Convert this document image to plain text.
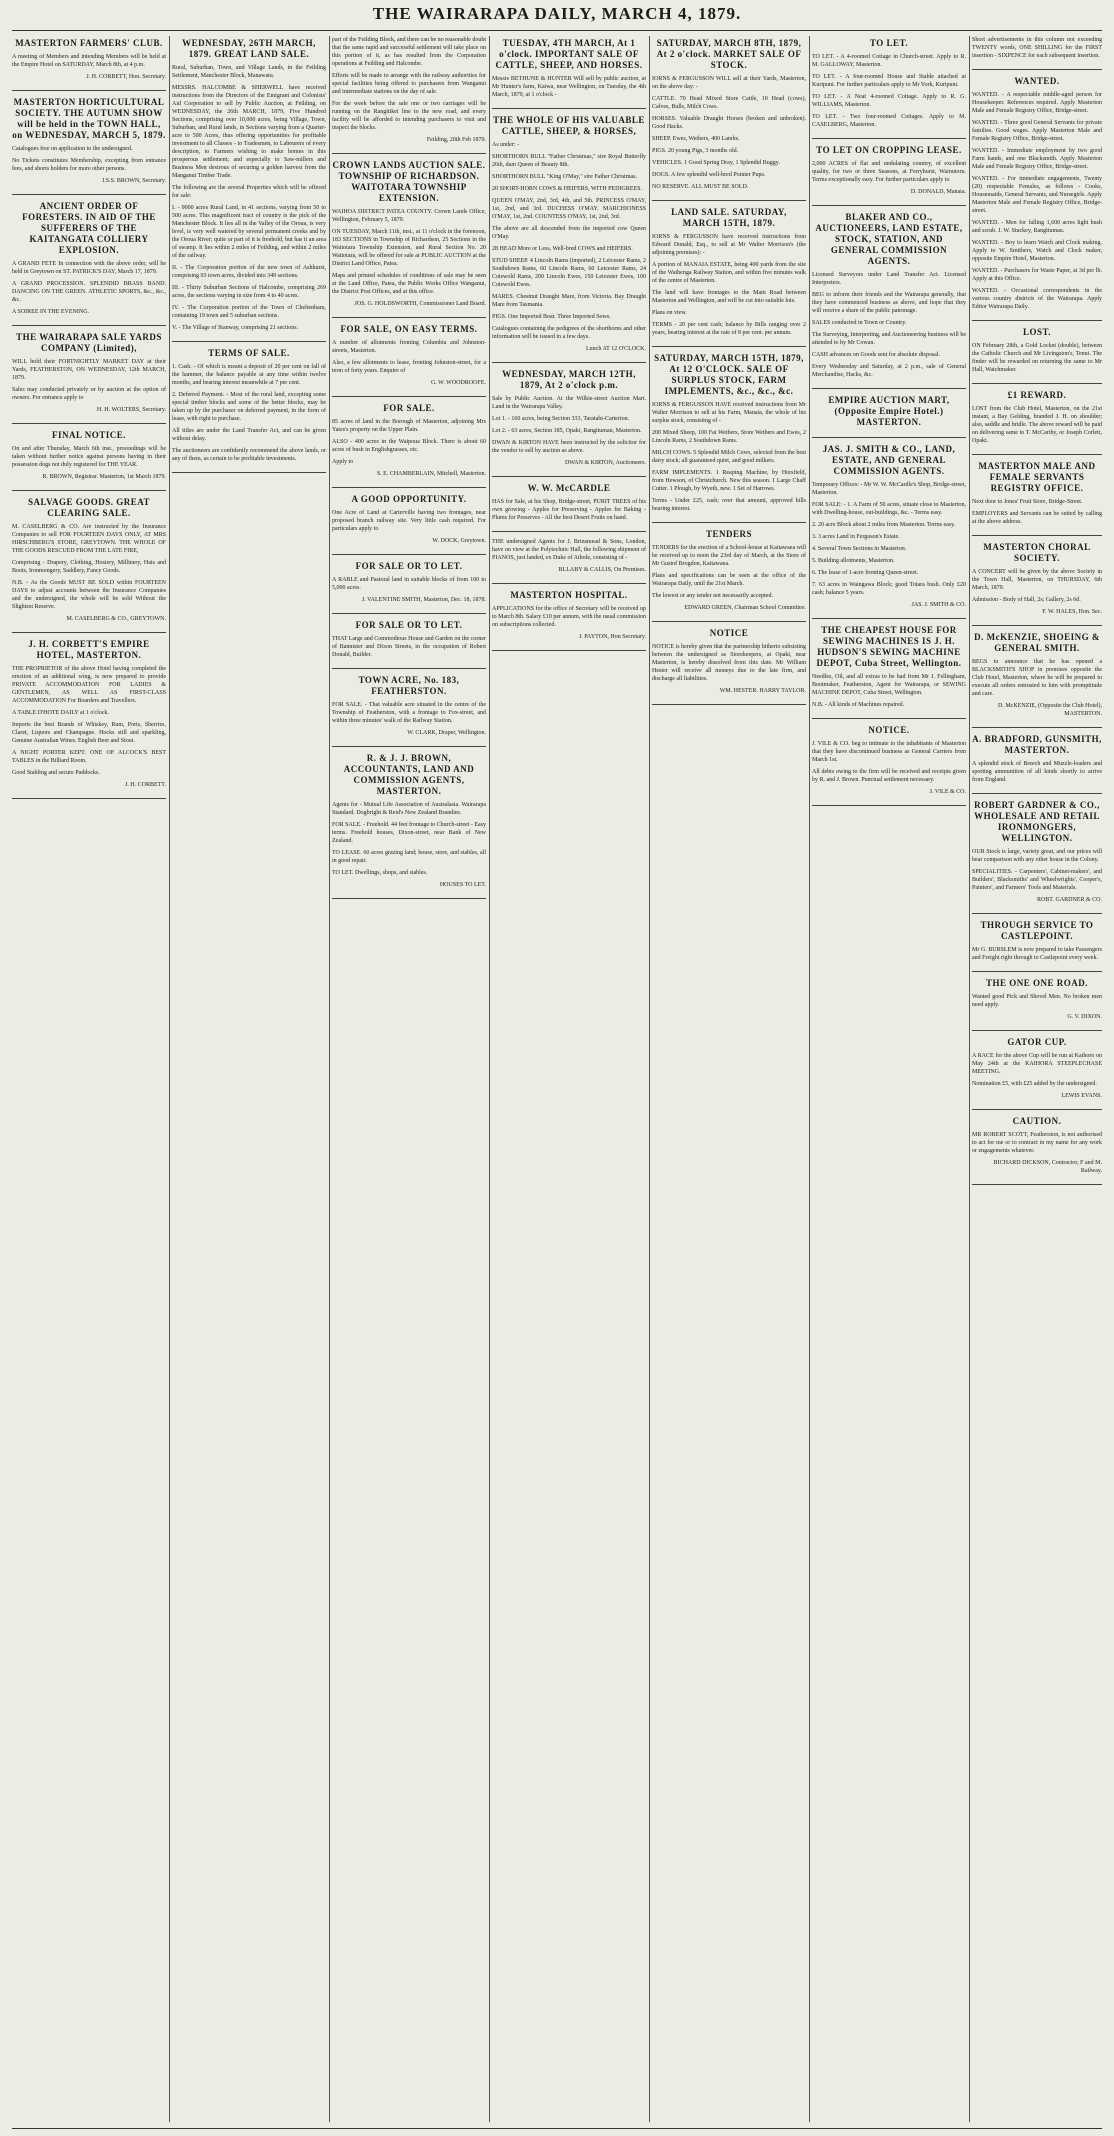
THE WAIRARAPA DAILY, MARCH 4, 1879.
MASTERTON FARMERS' CLUB.

A meeting of Members and intending Members will be held at the Empire Hotel on SATURDAY, March 8th, at 4 p.m.

J. H. CORBETT, Hon. Secretary.

MASTERTON HORTICULTURAL SOCIETY. THE AUTUMN SHOW will be held in the TOWN HALL, on WEDNESDAY, MARCH 5, 1879.

Catalogues free on application to the undersigned.

No Tickets constitutes Membership, excepting from entrance fees, and shorts holders for more other persons.

J.S.S. BROWN, Secretary.

ANCIENT ORDER OF FORESTERS. IN AID OF THE SUFFERERS OF THE KAITANGATA COLLIERY EXPLOSION.

A GRAND FETE In connection with the above order, will be held in Greytown on ST. PATRICK'S DAY, March 17, 1879.

A GRAND PROCESSION. SPLENDID BRASS BAND. DANCING ON THE GREEN. ATHLETIC SPORTS, &c., &c., &c.

A SOIREE IN THE EVENING.

THE WAIRARAPA SALE YARDS COMPANY (Limited),

WILL hold their FORTNIGHTLY MARKET DAY at their Yards, FEATHERSTON, ON WEDNESDAY, 12th MARCH, 1879.

Sales may conducted privately or by auction at the option of owners. For entrance apply to

H. H. WOLTERS, Secretary.

FINAL NOTICE.

On and after Thursday, March 6th inst., proceedings will be taken without further notice against persons having in their possession dogs not duly registered for THE YEAR.

R. BROWN, Registrar. Masterton, 1st March 1879.

SALVAGE GOODS. GREAT CLEARING SALE.

M. CASELBERG & CO. Are instructed by the Insurance Companies to sell FOR FOURTEEN DAYS ONLY, AT MRS HIRSCHBERG'S STORE, GREYTOWN. THE WHOLE OF THE GOODS RESCUED FROM THE LATE FIRE,

Comprising - Drapery, Clothing, Hosiery, Millinery, Hats and Boots, Ironmongery, Saddlery, Fancy Goods.

N.B. - As the Goods MUST BE SOLD within FOURTEEN DAYS to adjust accounts between the Insurance Companies and the undersigned, the whole will be sold Without the Slightest Reserve.

M. CASELBERG & CO., GREYTOWN.

J. H. CORBETT'S EMPIRE HOTEL, MASTERTON.

THE PROPRIETOR of the above Hotel having completed the erection of an additional wing, is now prepared to provide PRIVATE ACCOMMODATION FOR LADIES & GENTLEMEN, AS WELL AS FIRST-CLASS ACCOMMODATION For Boarders and Travellers.

A TABLE D'HOTE DAILY at 1 o'clock.

Imports the best Brands of Whiskey, Rum, Ports, Sherries, Claret, Liquors and Champagne. Hocks still and sparkling, Genuine Australian Wines. English Beer and Stout.

A NIGHT PORTER KEPT. ONE OF ALCOCK'S BEST TABLES in the Billiard Room.

Good Stabling and secure Paddocks.

J. H. CORBETT.

WEDNESDAY, 26TH MARCH, 1879. GREAT LAND SALE.

Rural, Suburban, Town, and Village Lands, in the Feilding Settlement, Manchester Block, Manawatu.

MESSRS. HALCOMBE & SHERWELL have received instructions from the Directors of the Emigrant and Colonists' Aid Corporation to sell by Public Auction, at Feilding, on WEDNESDAY, the 26th MARCH, 1879, Five Hundred Sections, comprising over 10,000 acres, being Village, Town, Suburban, and Rural lands, in Sections varying from a Quarter-acre to 500 Acres, thus offering opportunities for profitable investment to all Classes - to Tradesmen, to Labourers of every description, to Farmers wishing to make homes in this prosperous settlement; and especially to Saw-millers and Business Men desirous of securing a golden harvest from the Manganui Timber Trade.

The following are the several Properties which will be offered for sale:

I. - 9000 acres Rural Land, in 41 sections, varying from 50 to 500 acres. This magnificent tract of country is the pick of the Manchester Block. It lies all in the Valley of the Oroua, is very level, is very well watered by several permanent creeks and by the Oroua River; quite or part of it is freehold, but has it an area of swamp. It lies within 2 miles of Feilding, and within 2 miles of the railway.

II. - The Corporation portion of the new town of Ashhurst, comprising 93 town acres, divided into 349 sections.

III. - Thirty Suburban Sections of Halcombe, comprising 269 acres, the sections varying in size from 4 to 40 acres.

IV. - The Corporation portion of the Town of Cheltenham, containing 19 town and 5 suburban sections.

V. - The Village of Stanway, comprising 21 sections.

TERMS OF SALE.

1. Cash. - Of which is meant a deposit of 20 per cent on fall of the hammer, the balance payable at any time within twelve months, and bearing interest meanwhile at 7 per cent.

2. Deferred Payment. - Most of the rural land, excepting some special timber blocks and some of the better blocks, may be taken up by the purchaser on deferred payment, in the form of lease, with right to purchase.

All titles are under the Land Transfer Act, and can be given without delay.

The auctioneers are confidently recommend the above lands, or any of them, as certain to be profitable investments.

part of the Feilding Block, and there can be no reasonable doubt that the same rapid and successful settlement will take place on this portion of it, as has resulted from the Corporation operations at Feilding and Halcombe.

Efforts will be made to arrange with the railway authorities for special facilities being offered to purchasers from Wanganui and intermediate stations on the day of sale.

For the week before the sale one or two carriages will be running on the Rangitikei line to the new road, and every facility will be afforded to intending purchasers to visit and inspect the blocks.

Feilding, 20th Feb 1879.

CROWN LANDS AUCTION SALE. TOWNSHIP OF RICHARDSON. WAITOTARA TOWNSHIP EXTENSION.

WAIHOA DISTRICT PATEA COUNTY. Crown Lands Office, Wellington, February 5, 1879.

ON TUESDAY, March 11th, inst., at 11 o'clock in the forenoon, 183 SECTIONS in Township of Richardson, 25 Sections in the Waitotara Township Extension, and Rural Section No. 20 Waitotara, will be offered for sale at PUBLIC AUCTION at the District Land Office, Patea.

Maps and printed schedules of conditions of sale may be seen at the Land Office, Patea, the Public Works Office Wanganui, the District Post Offices, and at this office.

JOS. G. HOLDSWORTH, Commissioner Land Board.

FOR SALE, ON EASY TERMS.

A number of allotments fronting Columbia and Johnston-streets, Masterton.

Also, a few allotments to lease, fronting Johnston-street, for a term of forty years. Enquire of

G. W. WOODROOFE.

FOR SALE.

85 acres of land in the Borough of Masterton, adjoining Mrs Yates's property on the Upper Plain.

ALSO - 400 acres in the Waipoua Block. There is about 60 acres of bush in Englishgrasses, etc.

Apply to

S. E. CHAMBERLAIN, Mitchell, Masterton.

A GOOD OPPORTUNITY.

One Acre of Land at Carterville having two frontages, near proposed branch railway site. Very little cash required. For particulars apply to

W. DOCK, Greytown.

FOR SALE OR TO LET.

A RABLE and Pastoral land in suitable blocks of from 100 to 5,000 acres.

J. VALENTINE SMITH, Masterton, Dec. 18, 1878.

FOR SALE OR TO LET.

THAT Large and Commodious House and Garden on the corner of Bannister and Dixon Streets, in the occupation of Robert Donald, Builder.

TOWN ACRE, No. 183, FEATHERSTON.

FOR SALE. - That valuable acre situated in the centre of the Township of Featherston, with a frontage to Fox-street, and within three minutes' walk of the Railway Station.

W. CLARK, Draper, Wellington.

R. & J. J. BROWN, ACCOUNTANTS, LAND AND COMMISSION AGENTS, MASTERTON.

Agents for - Mutual Life Association of Australasia. Wairarapa Standard. Dogbright & Reid's New Zealand Brandies.

FOR SALE. - Freehold. 44 feet frontage to Church-street - Easy terms. Freehold houses, Dixon-street, near Bank of New Zealand.

TO LEASE. 60 acres grazing land; house, store, and stables, all in good repair.

TO LET. Dwellings, shops, and stables.

HOUSES TO LET.

TUESDAY, 4TH MARCH, At 1 o'clock. IMPORTANT SALE OF CATTLE, SHEEP, AND HORSES.

Messrs BETHUNE & HUNTER Will sell by public auction, at Mr Hunter's farm, Kaiwa, near Wellington, on Tuesday, the 4th March, 1879, at 1 o'clock -

THE WHOLE OF HIS VALUABLE CATTLE, SHEEP, & HORSES,

As under: -

SHORTHORN BULL "Father Christmas," sire Royal Butterfly 26th, dam Queen of Beauty 8th.

SHORTHORN BULL "King O'May," sire Father Christmas.

20 SHORT-HORN COWS & HEIFERS, WITH PEDIGREES.

QUEEN O'MAY, 2nd, 3rd, 4th, and 5th. PRINCESS O'MAY, 1st, 2nd, and 3rd. DUCHESS O'MAY. MARCHIONESS O'MAY, 1st, 2nd. COUNTESS O'MAY, 1st, 2nd, 3rd.

The above are all descended from the imported cow Queen O'May.

28 HEAD More or Less, Well-bred COWS and HEIFERS.

STUD SHEEP. 4 Lincoln Rams (imported), 2 Leicester Rams, 2 Southdown Rams, 60 Lincoln Rams, 60 Leicester Rams, 24 Cotswold Rams, 200 Lincoln Ewes, 150 Leicester Ewes, 100 Cotswold Ewes.

MARES. Chestnut Draught Mare, from Victoria. Bay Draught Mare from Tasmania.

PIGS. One Imported Boar. Three Imported Sows.

Catalogues containing the pedigrees of the shorthorns and other information will be issued in a few days.

Lunch AT 12 O'CLOCK.

WEDNESDAY, MARCH 12TH, 1879, At 2 o'clock p.m.

Sale by Public Auction. At the Wilkie-street Auction Mart. Land in the Wairarapa Valley.

Lot 1. - 160 acres, being Section 333, Taratahi-Carterton.

Lot 2. - 63 acres, Section 185, Opaki, Rangitumau, Masterton.

DWAN & KIRTON HAVE been instructed by the solicitor for the vendor to sell by auction as above.

DWAN & KIRTON, Auctioneers.

W. W. McCARDLE

HAS for Sale, at his Shop, Bridge-street, PURIT TREES of his own growing - Apples for Preserving - Apples for Baking - Plums for Preserves - All the best Desert Fruits on hand.

THE undersigned Agents for J. Brinsmead & Sons, London, have on view at the Polytechnic Hall, the following shipment of PIANOS, just landed, ex Duke of Athole, consisting of -

BLLABY & CALLIS, On Premises.

MASTERTON HOSPITAL.

APPLICATIONS for the office of Secretary will be received up to March 8th. Salary £10 per annum, with the usual commission on subscriptions collected.

J. PAYTON, Hon Secretary.

SATURDAY, MARCH 8TH, 1879, At 2 o'clock. MARKET SALE OF STOCK.

IORNS & FERGUSSON WILL sell at their Yards, Masterton, on the above day: -

CATTLE. 70 Head Mixed Store Cattle, 10 Head (cows), Calves, Bulls, Milch Cows.

HORSES. Valuable Draught Horses (broken and unbroken). Good Hacks.

SHEEP. Ewes, Wethers, 400 Lambs.

PIGS. 20 young Pigs, 3 months old.

VEHICLES. 1 Good Spring Dray, 1 Splendid Buggy.

DOGS. A few splendid well-bred Pointer Pups.

NO RESERVE. ALL MUST BE SOLD.

LAND SALE. SATURDAY, MARCH 15TH, 1879.

IORNS & FERGUSSON have received instructions from Edward Donald, Esq., to sell at Mr Walter Morrison's (the adjoining premises): -

A portion of MANAIA ESTATE, being 400 yards from the site of the Waihenga Railway Station, and within five minutes walk of the centre of Masterton.

The land will have frontages to the Main Road between Masterton and Wellington, and will be cut into suitable lots.

Plans on view.

TERMS - 20 per cent cash; balance by Bills ranging over 2 years, bearing interest at the rate of 8 per cent. per annum.

SATURDAY, MARCH 15TH, 1879, At 12 O'CLOCK. SALE OF SURPLUS STOCK, FARM IMPLEMENTS, &c., &c., &c.

IORNS & FERGUSSON HAVE received instructions from Mr Walter Morrison to sell at his Farm, Manaia, the whole of his surplus stock, consisting of -

200 Mixed Sheep, 100 Fat Wethers, Store Wethers and Ewes, 2 Lincoln Rams, 2 Southdown Rams.

MILCH COWS. 5 Splendid Milch Cows, selected from the best dairy stock; all guaranteed quiet, and good milkers.

FARM IMPLEMENTS. 1 Reaping Machine, by Horsfield, from Hewson, of Christchurch. New this season. 1 Large Chaff Cutter. 1 Plough, by Wyeth, new. 1 Set of Harrows.

Terms - Under £25, cash; over that amount, approved bills bearing interest.

TENDERS

TENDERS for the erection of a School-house at Kaitawaea will be received up to noon the 23rd day of March, at the Store of Mr Gustof Brogdon, Kaitawaea.

Plans and specifications can be seen at the office of the Wairarapa Daily, until the 21st March.

The lowest or any tender not necessarily accepted.

EDWARD GREEN, Chairman School Committee.

NOTICE

NOTICE is hereby given that the partnership hitherto subsisting between the undersigned as Storekeepers, at Opaki, near Masterton, is hereby dissolved from this date. Mr William Hester will receive all moneys due to the late firm, and discharge all liabilities.

WM. HESTER. HARRY TAYLOR.

TO LET.

TO LET. - A 4-roomed Cottage in Church-street. Apply to R. M. GALLOWAY, Masterton.

TO LET. - A four-roomed House and Stable attached at Kuripuni. For further particulars apply to Mr York, Kuripuni.

TO LET. - A Neat 4-roomed Cottage. Apply to R. G. WILLIAMS, Masterton.

TO LET. - Two four-roomed Cottages. Apply to M. CASELBERG, Masterton.

TO LET ON CROPPING LEASE.

2,000 ACRES of flat and undulating country, of excellent quality, for two or three Seasons, at Ferryhurst, Wainuioru. Terms exceptionally easy. For further particulars apply to

D. DONALD, Manaia.

BLAKER AND CO., AUCTIONEERS, LAND ESTATE, STOCK, STATION, AND GENERAL COMMISSION AGENTS.

Licensed Surveyors under Land Transfer Act. Licensed Interpreters.

BEG to inform their friends and the Wairarapa generally, that they have commenced business as above, and hope that they will receive a share of the public patronage.

SALES conducted in Town or Country.

The Surveying, Interpreting, and Auctioneering business will be attended to by Mr Cowan.

CASH advances on Goods sent for absolute disposal.

Every Wednesday and Saturday, at 2 p.m., sale of General Merchandise, Hacks, &c.

EMPIRE AUCTION MART, (Opposite Empire Hotel.) MASTERTON.
JAS. J. SMITH & CO., LAND, ESTATE, AND GENERAL COMMISSION AGENTS.

Temporary Offices: - Mr W. W. McCardle's Shop, Bridge-street, Masterton.

FOR SALE: - 1. A Farm of 50 acres, situate close to Masterton, with Dwelling-house, out-buildings, &c. - Terms easy.

2. 20 acre Block about 2 miles from Masterton. Terms easy.

3. 3 acres Land in Ferguson's Estate.

4. Several Town Sections in Masterton.

5. Building allotments, Masterton.

6. The lease of 1-acre fronting Queen-street.

7. 63 acres in Waingawa Block; good Totara bush. Only £20 cash; balance 5 years.

JAS. J. SMITH & CO.

THE CHEAPEST HOUSE FOR SEWING MACHINES IS J. H. HUDSON'S SEWING MACHINE DEPOT, Cuba Street, Wellington.

Needles, Oil, and all extras to be had from Mr J. Fellingham, Bootmaker, Featherston, Agent for Wairarapa, or SEWING MACHINE DEPOT, Cuba Street, Wellington.

N.B. - All kinds of Machines repaired.

NOTICE.

J. VILE & CO. beg to intimate to the inhabitants of Masterton that they have discontinued business as General Carriers from March 1st.

All debts owing to the firm will be received and receipts given by R. and J. Brown. Punctual settlement necessary.

J. VILE & CO.

Short advertisements in this column not exceeding TWENTY words, ONE SHILLING for the FIRST insertion - SIXPENCE for each subsequent insertion.

WANTED.

WANTED. - A respectable middle-aged person for Housekeeper. References required. Apply Masterton Male and Female Registry Office, Bridge-street.

WANTED. - Three good General Servants for private families. Good wages. Apply Masterton Male and Female Registry Office, Bridge-street.

WANTED. - Immediate employment by two good Farm hands, and one Blacksmith. Apply Masterton Male and Female Registry Office, Bridge-street.

WANTED. - For immediate engagements, Twenty (20) respectable Females, as follows - Cooks, Housemaids, General Servants, and Nursegirls. Apply Masterton Male and Female Registry Office, Bridge-street.

WANTED. - Men for falling 1,600 acres light bush and scrub. J. W. Stuckey, Rangitumau.

WANTED. - Boy to learn Watch and Clock making. Apply to W. Smithers, Watch and Clock maker, opposite Empire Hotel, Masterton.

WANTED. - Purchasers for Waste Paper, at 3d per lb. Apply at this Office.

WANTED. - Occasional correspondents in the various country districts of the Wairarapa. Apply Editor Wairarapa Daily.

LOST.

ON February 28th, a Gold Locket (double), between the Catholic Church and Mr Livingston's, Tenui. The finder will be rewarded on returning the same to Mr Hall, Watchmaker.

£1 REWARD.

LOST from the Club Hotel, Masterton, on the 21st instant, a Bay Gelding, branded J. H. on shoulder; also, saddle and bridle. The above reward will be paid on delivering same to T. McCarthy, or Joseph Corlett, Opaki.

MASTERTON MALE AND FEMALE SERVANTS REGISTRY OFFICE.

Next door to Jones' Fruit Store, Bridge-Street.

EMPLOYERS and Servants can be suited by calling at the above address.

MASTERTON CHORAL SOCIETY.

A CONCERT will be given by the above Society in the Town Hall, Masterton, on THURSDAY, 6th March, 1879.

Admission - Body of Hall, 2s; Gallery, 2s 6d.

F. W. HALES, Hon. Sec.

D. McKENZIE, SHOEING & GENERAL SMITH.

BEGS to announce that he has opened a BLACKSMITH'S SHOP in premises opposite the Club Hotel, Masterton, where he will be prepared to execute all orders entrusted to him with promptitude and care.

D. McKENZIE, (Opposite the Club Hotel), MASTERTON.

A. BRADFORD, GUNSMITH, MASTERTON.

A splendid stock of Breech and Muzzle-loaders and sporting ammunition of all kinds shortly to arrive from England.

ROBERT GARDNER & CO., WHOLESALE AND RETAIL IRONMONGERS, WELLINGTON.

OUR Stock is large, variety great, and our prices will bear comparison with any other house in the Colony.

SPECIALITIES. - Carpenters', Cabinet-makers', and Builders', Blacksmiths' and Wheelwrights', Cooper's, Painters', and Farmers' Tools and Materials.

ROBT. GARDNER & CO.

THROUGH SERVICE TO CASTLEPOINT.

Mr G. BURSLEM is now prepared to take Passengers and Freight right through to Castlepoint every week.

THE ONE ONE ROAD.

Wanted good Pick and Shovel Men. No broken men need apply.

G. V. DIXON.

GATOR CUP.

A RACE for the above Cup will be run at Kaihoro on May 24th at the KAIHORA STEEPLECHASE MEETING.

Nomination £5, with £25 added by the undersigned.

LEWIS EVANS.

CAUTION.

MR ROBERT SCOTT, Featherston, is not authorised to act for me or to contract in my name for any work or engagements whatever.

RICHARD DICKSON, Contractor, F and M. Railway.
